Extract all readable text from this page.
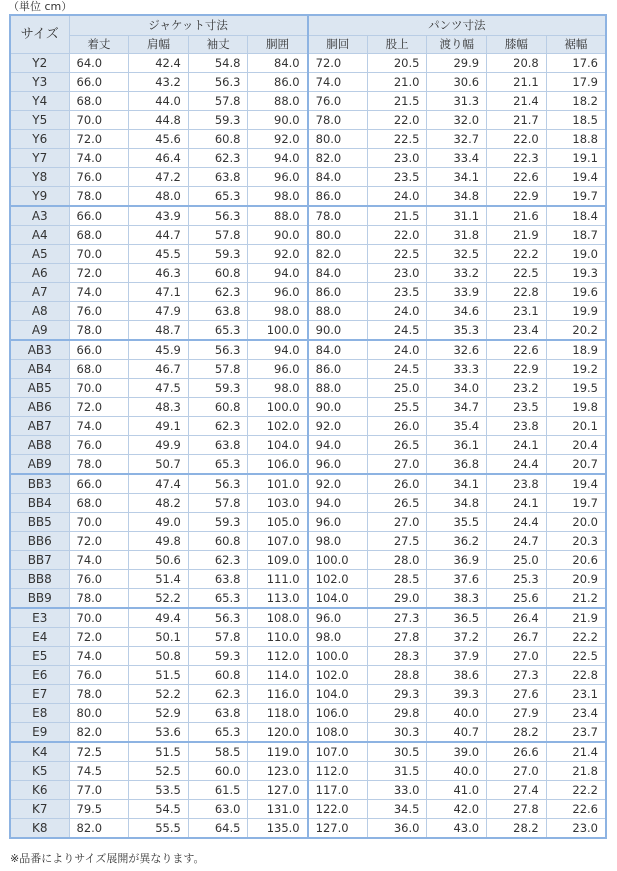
（単位 cm）
サイズ	ジャケット寸法				パンツ寸法				
	着丈	肩幅	袖丈	胴囲	胴回	股上	渡り幅	膝幅	裾幅
Y2	64.0	42.4	54.8	84.0	72.0	20.5	29.9	20.8	17.6
Y3	66.0	43.2	56.3	86.0	74.0	21.0	30.6	21.1	17.9
Y4	68.0	44.0	57.8	88.0	76.0	21.5	31.3	21.4	18.2
Y5	70.0	44.8	59.3	90.0	78.0	22.0	32.0	21.7	18.5
Y6	72.0	45.6	60.8	92.0	80.0	22.5	32.7	22.0	18.8
Y7	74.0	46.4	62.3	94.0	82.0	23.0	33.4	22.3	19.1
Y8	76.0	47.2	63.8	96.0	84.0	23.5	34.1	22.6	19.4
Y9	78.0	48.0	65.3	98.0	86.0	24.0	34.8	22.9	19.7
A3	66.0	43.9	56.3	88.0	78.0	21.5	31.1	21.6	18.4
A4	68.0	44.7	57.8	90.0	80.0	22.0	31.8	21.9	18.7
A5	70.0	45.5	59.3	92.0	82.0	22.5	32.5	22.2	19.0
A6	72.0	46.3	60.8	94.0	84.0	23.0	33.2	22.5	19.3
A7	74.0	47.1	62.3	96.0	86.0	23.5	33.9	22.8	19.6
A8	76.0	47.9	63.8	98.0	88.0	24.0	34.6	23.1	19.9
A9	78.0	48.7	65.3	100.0	90.0	24.5	35.3	23.4	20.2
AB3	66.0	45.9	56.3	94.0	84.0	24.0	32.6	22.6	18.9
AB4	68.0	46.7	57.8	96.0	86.0	24.5	33.3	22.9	19.2
AB5	70.0	47.5	59.3	98.0	88.0	25.0	34.0	23.2	19.5
AB6	72.0	48.3	60.8	100.0	90.0	25.5	34.7	23.5	19.8
AB7	74.0	49.1	62.3	102.0	92.0	26.0	35.4	23.8	20.1
AB8	76.0	49.9	63.8	104.0	94.0	26.5	36.1	24.1	20.4
AB9	78.0	50.7	65.3	106.0	96.0	27.0	36.8	24.4	20.7
BB3	66.0	47.4	56.3	101.0	92.0	26.0	34.1	23.8	19.4
BB4	68.0	48.2	57.8	103.0	94.0	26.5	34.8	24.1	19.7
BB5	70.0	49.0	59.3	105.0	96.0	27.0	35.5	24.4	20.0
BB6	72.0	49.8	60.8	107.0	98.0	27.5	36.2	24.7	20.3
BB7	74.0	50.6	62.3	109.0	100.0	28.0	36.9	25.0	20.6
BB8	76.0	51.4	63.8	111.0	102.0	28.5	37.6	25.3	20.9
BB9	78.0	52.2	65.3	113.0	104.0	29.0	38.3	25.6	21.2
E3	70.0	49.4	56.3	108.0	96.0	27.3	36.5	26.4	21.9
E4	72.0	50.1	57.8	110.0	98.0	27.8	37.2	26.7	22.2
E5	74.0	50.8	59.3	112.0	100.0	28.3	37.9	27.0	22.5
E6	76.0	51.5	60.8	114.0	102.0	28.8	38.6	27.3	22.8
E7	78.0	52.2	62.3	116.0	104.0	29.3	39.3	27.6	23.1
E8	80.0	52.9	63.8	118.0	106.0	29.8	40.0	27.9	23.4
E9	82.0	53.6	65.3	120.0	108.0	30.3	40.7	28.2	23.7
K4	72.5	51.5	58.5	119.0	107.0	30.5	39.0	26.6	21.4
K5	74.5	52.5	60.0	123.0	112.0	31.5	40.0	27.0	21.8
K6	77.0	53.5	61.5	127.0	117.0	33.0	41.0	27.4	22.2
K7	79.5	54.5	63.0	131.0	122.0	34.5	42.0	27.8	22.6
K8	82.0	55.5	64.5	135.0	127.0	36.0	43.0	28.2	23.0
※品番によりサイズ展開が異なります。
